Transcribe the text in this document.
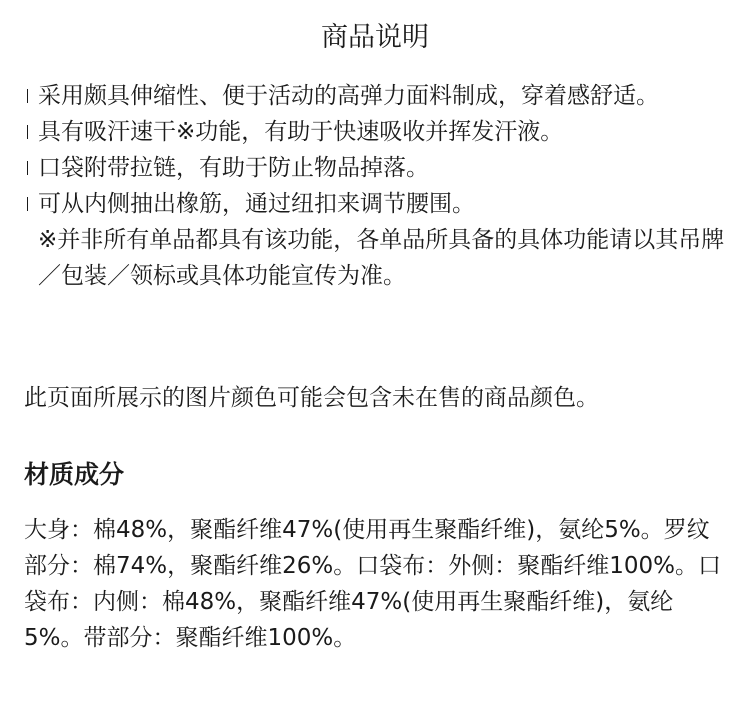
商品说明
采用颇具伸缩性、便于活动的高弹力面料制成，穿着感舒适。
具有吸汗速干※功能，有助于快速吸收并挥发汗液。
口袋附带拉链，有助于防止物品掉落。
可从内侧抽出橡筋，通过纽扣来调节腰围。
※并非所有单品都具有该功能，各单品所具备的具体功能请以其吊牌／包装／领标或具体功能宣传为准。

此页面所展示的图片颜色可能会包含未在售的商品颜色。

材质成分

大身：棉48%，聚酯纤维47%(使用再生聚酯纤维)，氨纶5%。罗纹部分：棉74%，聚酯纤维26%。口袋布：外侧：聚酯纤维100%。口袋布：内侧：棉48%，聚酯纤维47%(使用再生聚酯纤维)，氨纶5%。带部分：聚酯纤维100%。
